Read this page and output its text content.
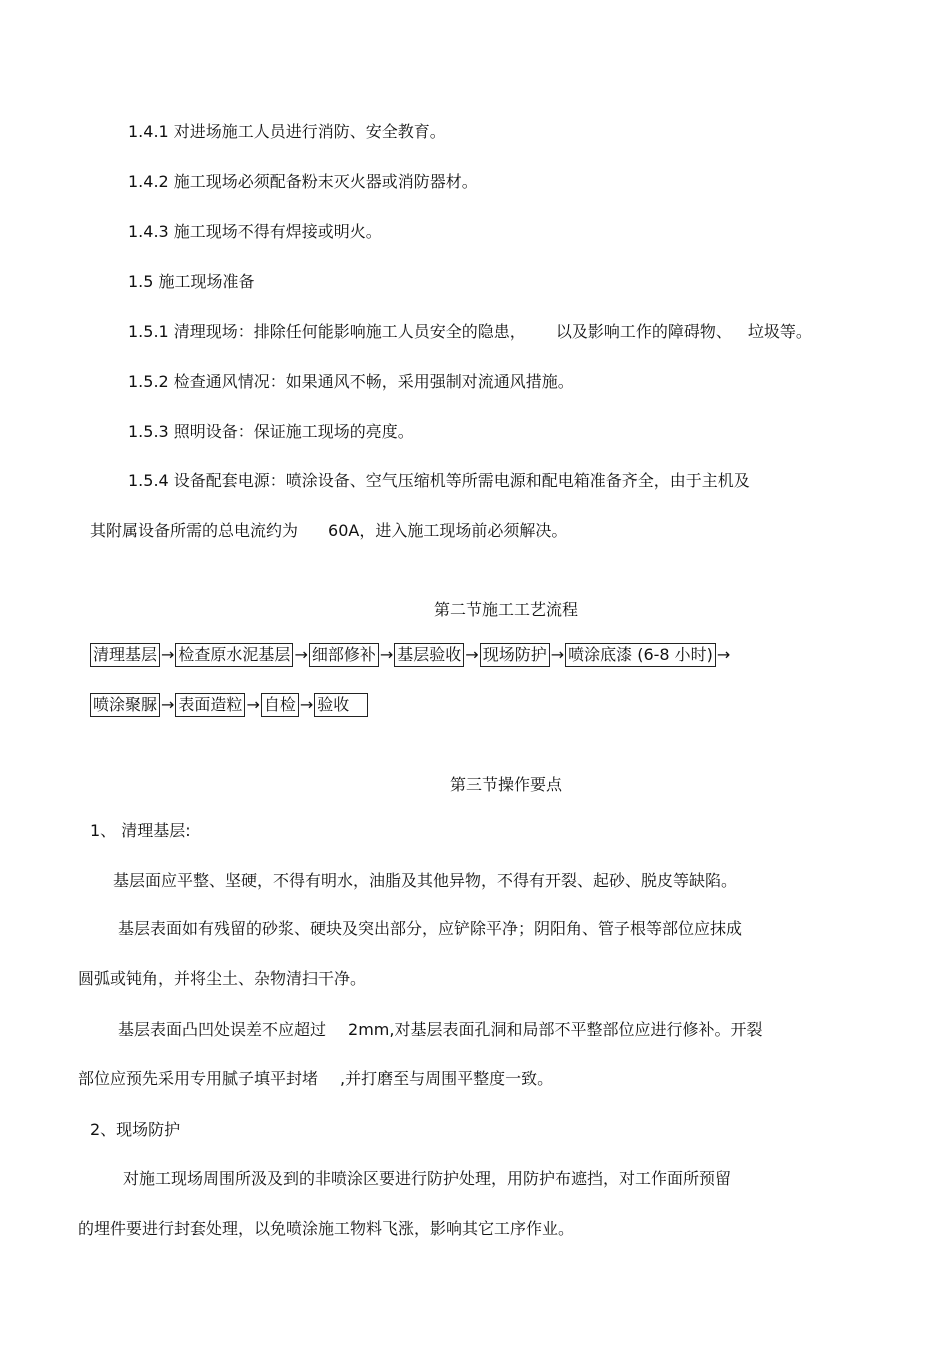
1.4.1 对进场施工人员进行消防、安全教育。
1.4.2 施工现场必须配备粉末灭火器或消防器材。
1.4.3 施工现场不得有焊接或明火。
1.5 施工现场准备
1.5.1 清理现场：排除任何能影响施工人员安全的隐患， 以及影响工作的障碍物、 垃圾等。
1.5.2 检查通风情况：如果通风不畅，采用强制对流通风措施。
1.5.3 照明设备：保证施工现场的亮度。
1.5.4 设备配套电源：喷涂设备、空气压缩机等所需电源和配电箱准备齐全，由于主机及
其附属设备所需的总电流约为 60A，进入施工现场前必须解决。
第二节施工工艺流程
清理基层 → 检查原水泥基层 → 细部修补 → 基层验收 → 现场防护 → 喷涂底漆 (6-8 小时) →
喷涂聚脲 → 表面造粒 → 自检 → 验收
第三节操作要点
1、 清理基层:
基层面应平整、坚硬，不得有明水，油脂及其他异物，不得有开裂、起砂、脱皮等缺陷。
基层表面如有残留的砂浆、硬块及突出部分，应铲除平净；阴阳角、管子根等部位应抹成
圆弧或钝角，并将尘土、杂物清扫干净。
基层表面凸凹处误差不应超过 2mm,对基层表面孔洞和局部不平整部位应进行修补。开裂
部位应预先采用专用腻子填平封堵 ,并打磨至与周围平整度一致。
2、现场防护
对施工现场周围所汲及到的非喷涂区要进行防护处理，用防护布遮挡，对工作面所预留
的埋件要进行封套处理，以免喷涂施工物料飞涨，影响其它工序作业。
